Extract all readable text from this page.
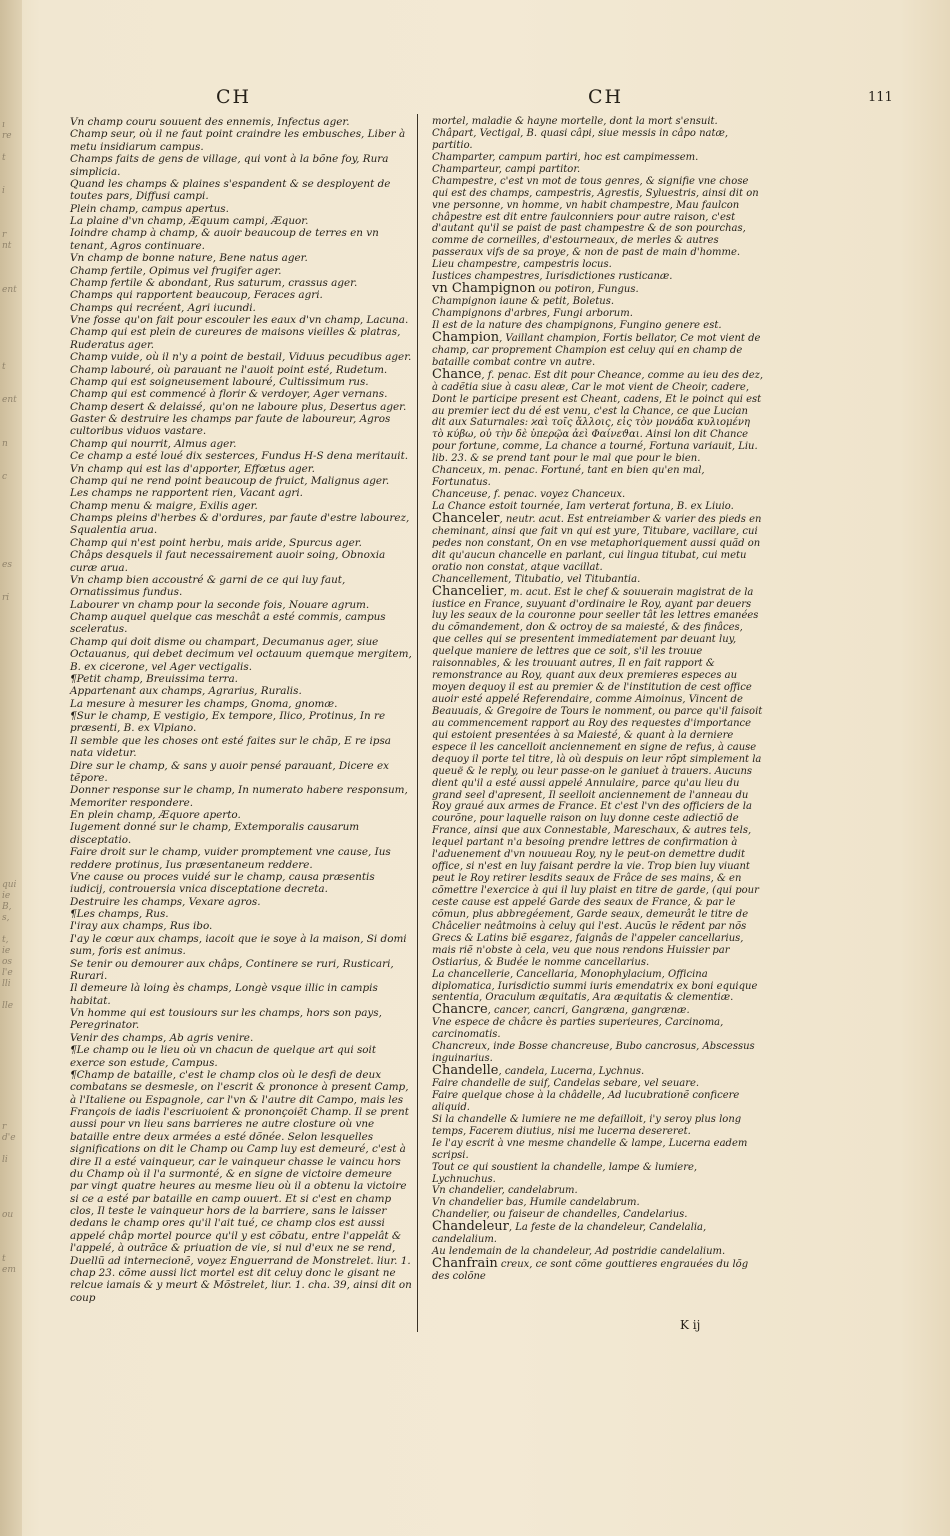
ı
re

t

i

r
nt

ent

t

ent

n

c

es

ri
qui
ie
B,
s,

t,
ie
os
l'e
lli

lle

r
d'e

li

ou

t
em
CH	CH	111

Vn champ couru souuent des ennemis, Infectus ager.

Champ seur, où il ne faut point craindre les embusches, Liber à metu insidiarum campus.

Champs faits de gens de village, qui vont à la bõne foy, Rura simplicia.

Quand les champs & plaines s'espandent & se desployent de toutes pars, Diffusi campi.

Plein champ, campus apertus.

La plaine d'vn champ, Æquum campi, Æquor.

Ioindre champ à champ, & auoir beaucoup de terres en vn tenant, Agros continuare.

Vn champ de bonne nature, Bene natus ager.

Champ fertile, Opimus vel frugifer ager.

Champ fertile & abondant, Rus saturum, crassus ager.

Champs qui rapportent beaucoup, Feraces agri.

Champs qui recréent, Agri iucundi.

Vne fosse qu'on fait pour escouler les eaux d'vn champ, Lacuna.

Champ qui est plein de cureures de maisons vieilles & platras, Ruderatus ager.

Champ vuide, où il n'y a point de bestail, Viduus pecudibus ager.

Champ labouré, où parauant ne l'auoit point esté, Rudetum.

Champ qui est soigneusement labouré, Cultissimum rus.

Champ qui est commencé à florir & verdoyer, Ager vernans.

Champ desert & delaissé, qu'on ne laboure plus, Desertus ager.

Gaster & destruire les champs par faute de laboureur, Agros cultoribus viduos vastare.

Champ qui nourrit, Almus ager.

Ce champ a esté loué dix sesterces, Fundus H-S dena meritauit.

Vn champ qui est las d'apporter, Effœtus ager.

Champ qui ne rend point beaucoup de fruict, Malignus ager.

Les champs ne rapportent rien, Vacant agri.

Champ menu & maigre, Exilis ager.

Champs pleins d'herbes & d'ordures, par faute d'estre labourez, Squalentia arua.

Champ qui n'est point herbu, mais aride, Spurcus ager.

Châps desquels il faut necessairement auoir soing, Obnoxia curæ arua.

Vn champ bien accoustré & garni de ce qui luy faut, Ornatissimus fundus.

Labourer vn champ pour la seconde fois, Nouare agrum.

Champ auquel quelque cas meschât a esté commis, campus sceleratus.

Champ qui doit disme ou champart, Decumanus ager, siue Octauanus, qui debet decimum vel octauum quemque mergitem, B. ex cicerone, vel Ager vectigalis.

¶Petit champ, Breuissima terra.

Appartenant aux champs, Agrarius, Ruralis.

La mesure à mesurer les champs, Gnoma, gnomæ.

¶Sur le champ, E vestigio, Ex tempore, Ilico, Protinus, In re præsenti, B. ex Vlpiano.

Il semble que les choses ont esté faites sur le chãp, E re ipsa nata videtur.

Dire sur le champ, & sans y auoir pensé parauant, Dicere ex tẽpore.

Donner response sur le champ, In numerato habere responsum, Memoriter respondere.

En plein champ, Æquore aperto.

Iugement donné sur le champ, Extemporalis causarum disceptatio.

Faire droit sur le champ, vuider promptement vne cause, Ius reddere protinus, Ius præsentaneum reddere.

Vne cause ou proces vuidé sur le champ, causa præsentis iudicij, controuersia vnica disceptatione decreta.

Destruire les champs, Vexare agros.

¶Les champs, Rus.

I'iray aux champs, Rus ibo.

I'ay le cœur aux champs, iacoit que ie soye à la maison, Si domi sum, foris est animus.

Se tenir ou demourer aux châps, Continere se ruri, Rusticari, Rurari.

Il demeure là loing ès champs, Longè vsque illic in campis habitat.

Vn homme qui est tousiours sur les champs, hors son pays, Peregrinator.

Venir des champs, Ab agris venire.

¶Le champ ou le lieu où vn chacun de quelque art qui soit exerce son estude, Campus.

¶Champ de bataille, c'est le champ clos où le desfi de deux combatans se desmesle, on l'escrit & prononce à present Camp, à l'Italiene ou Espagnole, car l'vn & l'autre dit Campo, mais les François de iadis l'escriuoient & prononçoiẽt Champ. Il se prent aussi pour vn lieu sans barrieres ne autre closture où vne bataille entre deux armées a esté dõnée. Selon lesquelles significations on dit le Champ ou Camp luy est demeuré, c'est à dire Il a esté vainqueur, car le vainqueur chasse le vaincu hors du Champ où il l'a surmonté, & en signe de victoire demeure par vingt quatre heures au mesme lieu où il a obtenu la victoire si ce a esté par bataille en camp ouuert. Et si c'est en champ clos, Il teste le vainqueur hors de la barriere, sans le laisser dedans le champ ores qu'il l'ait tué, ce champ clos est aussi appelé châp mortel pource qu'il y est cõbatu, entre l'appelât & l'appelé, à outrãce & priuation de vie, si nul d'eux ne se rend, Duellũ ad internecionẽ, voyez Enguerrand de Monstrelet. liur. 1. chap 23. cõme aussi lict mortel est dit celuy donc le gisant ne relcue iamais & y meurt & Mõstrelet, liur. 1. cha. 39, ainsi dit on coup

mortel, maladie & hayne mortelle, dont la mort s'ensuit.

Châpart, Vectigal, B. quasi câpi, siue messis in câpo natæ, partitio.

Champarter, campum partiri, hoc est campimessem.

Champarteur, campi partitor.

Champestre, c'est vn mot de tous genres, & signifie vne chose qui est des champs, campestris, Agrestis, Syluestris, ainsi dit on vne personne, vn homme, vn habit champestre, Mau faulcon châpestre est dit entre faulconniers pour autre raison, c'est d'autant qu'il se paist de past champestre & de son pourchas, comme de corneilles, d'estourneaux, de merles & autres passeraux vifs de sa proye, & non de past de main d'homme.

Lieu champestre, campestris locus.

Iustices champestres, Iurisdictiones rusticanæ.

vn Champignon ou potiron, Fungus.

Champignon iaune & petit, Boletus.

Champignons d'arbres, Fungi arborum.

Il est de la nature des champignons, Fungino genere est.

Champion, Vaillant champion, Fortis bellator, Ce mot vient de champ, car proprement Champion est celuy qui en champ de bataille combat contre vn autre.

Chance, f. penac. Est dit pour Cheance, comme au ieu des dez, à cadẽtia siue à casu aleæ, Car le mot vient de Cheoir, cadere, Dont le participe present est Cheant, cadens, Et le poinct qui est au premier iect du dé est venu, c'est la Chance, ce que Lucian dit aux Saturnales: ϰαὶ τοῖς ἄλλοις, εἰς τὸν μονάδα κυλιομένη τὸ κύβω, οὐ τὴν δὲ ὑπερῷα ἀεὶ Φαίνεϑαι. Ainsi lon dit Chance pour fortune, comme, La chance a tourné, Fortuna variauit, Liu. lib. 23. & se prend tant pour le mal que pour le bien.

Chanceux, m. penac. Fortuné, tant en bien qu'en mal, Fortunatus.

Chanceuse, f. penac. voyez Chanceux.

La Chance estoit tournée, Iam verterat fortuna, B. ex Liuio.

Chanceler, neutr. acut. Est entreiamber & varier des pieds en cheminant, ainsi que fait vn qui est yure, Titubare, vacillare, cui pedes non constant, On en vse metaphoriquement aussi quãd on dit qu'aucun chancelle en parlant, cui lingua titubat, cui metu oratio non constat, atque vacillat.

Chancellement, Titubatio, vel Titubantia.

Chancelier, m. acut. Est le chef & souuerain magistrat de la iustice en France, suyuant d'ordinaire le Roy, ayant par deuers luy les seaux de la couronne pour seeller tât les lettres emanées du cõmandement, don & octroy de sa maiesté, & des finâces, que celles qui se presentent immediatement par deuant luy, quelque maniere de lettres que ce soit, s'il les trouue raisonnables, & les trouuant autres, Il en fait rapport & remonstrance au Roy, quant aux deux premieres especes au moyen dequoy il est au premier & de l'institution de cest office auoir esté appelé Referendaire, comme Aimoinus, Vincent de Beauuais, & Gregoire de Tours le nomment, ou parce qu'il faisoit au commencement rapport au Roy des requestes d'importance qui estoient presentées à sa Maiesté, & quant à la derniere espece il les cancelloit anciennement en signe de refus, à cause dequoy il porte tel titre, là où despuis on leur rõpt simplement la queuë & le reply, ou leur passe-on le ganiuet à trauers. Aucuns dient qu'il a esté aussi appelé Annulaire, parce qu'au lieu du grand seel d'apresent, Il seelloit anciennement de l'anneau du Roy graué aux armes de France. Et c'est l'vn des officiers de la courõne, pour laquelle raison on luy donne ceste adiectiõ de France, ainsi que aux Connestable, Mareschaux, & autres tels, lequel partant n'a besoing prendre lettres de confirmation à l'aduenement d'vn nouueau Roy, ny le peut-on demettre dudit office, si n'est en luy faisant perdre la vie. Trop bien luy viuant peut le Roy retirer lesdits seaux de Frâce de ses mains, & en cõmettre l'exercice à qui il luy plaist en titre de garde, (qui pour ceste cause est appelé Garde des seaux de France, & par le cõmun, plus abbregéement, Garde seaux, demeurât le titre de Châcelier neâtmoins à celuy qui l'est. Aucũs le rẽdent par nõs Grecs & Latins biẽ esgarez, faignâs de l'appeler cancellarius, mais riẽ n'obste à cela, veu que nous rendons Huissier par Ostiarius, & Budée le nomme cancellarius.

La chancellerie, Cancellaria, Monophylacium, Officina diplomatica, Iurisdictio summi iuris emendatrix ex boni equique sententia, Oraculum æquitatis, Ara æquitatis & clementiæ.

Chancre, cancer, cancri, Gangræna, gangrænæ.

Vne espece de châcre ès parties superieures, Carcinoma, carcinomatis.

Chancreux, inde Bosse chancreuse, Bubo cancrosus, Abscessus inguinarius.

Chandelle, candela, Lucerna, Lychnus.

Faire chandelle de suif, Candelas sebare, vel seuare.

Faire quelque chose à la châdelle, Ad lucubrationẽ conficere aliquid.

Si la chandelle & lumiere ne me defailloit, i'y seroy plus long temps, Facerem diutius, nisi me lucerna desereret.

Ie l'ay escrit à vne mesme chandelle & lampe, Lucerna eadem scripsi.

Tout ce qui soustient la chandelle, lampe & lumiere, Lychnuchus.

Vn chandelier, candelabrum.

Vn chandelier bas, Humile candelabrum.

Chandelier, ou faiseur de chandelles, Candelarius.

Chandeleur, La feste de la chandeleur, Candelalia, candelalium.

Au lendemain de la chandeleur, Ad postridie candelalium.

Chanfrain creux, ce sont cõme gouttieres engrauées du lõg des colõne

K ij
